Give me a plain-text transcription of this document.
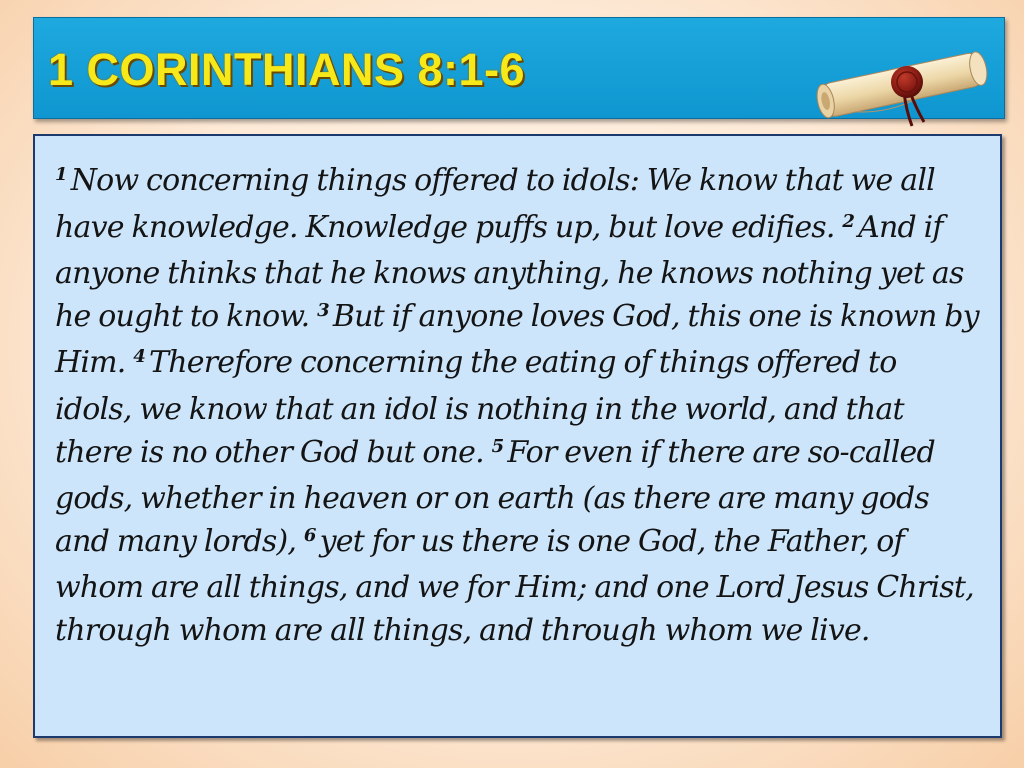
1 CORINTHIANS 8:1-6

$^1$ Now concerning things offered to idols: We know that we all have knowledge. Knowledge puffs up, but love edifies. $^2$ And if anyone thinks that he knows anything, he knows nothing yet as he ought to know. $^3$ But if anyone loves God, this one is known by Him. $^4$ Therefore concerning the eating of things offered to idols, we know that an idol is nothing in the world, and that there is no other God but one. $^5$ For even if there are so-called gods, whether in heaven or on earth (as there are many gods and many lords), $^6$ yet for us there is one God, the Father, of whom are all things, and we for Him; and one Lord Jesus Christ, through whom are all things, and through whom we live.
